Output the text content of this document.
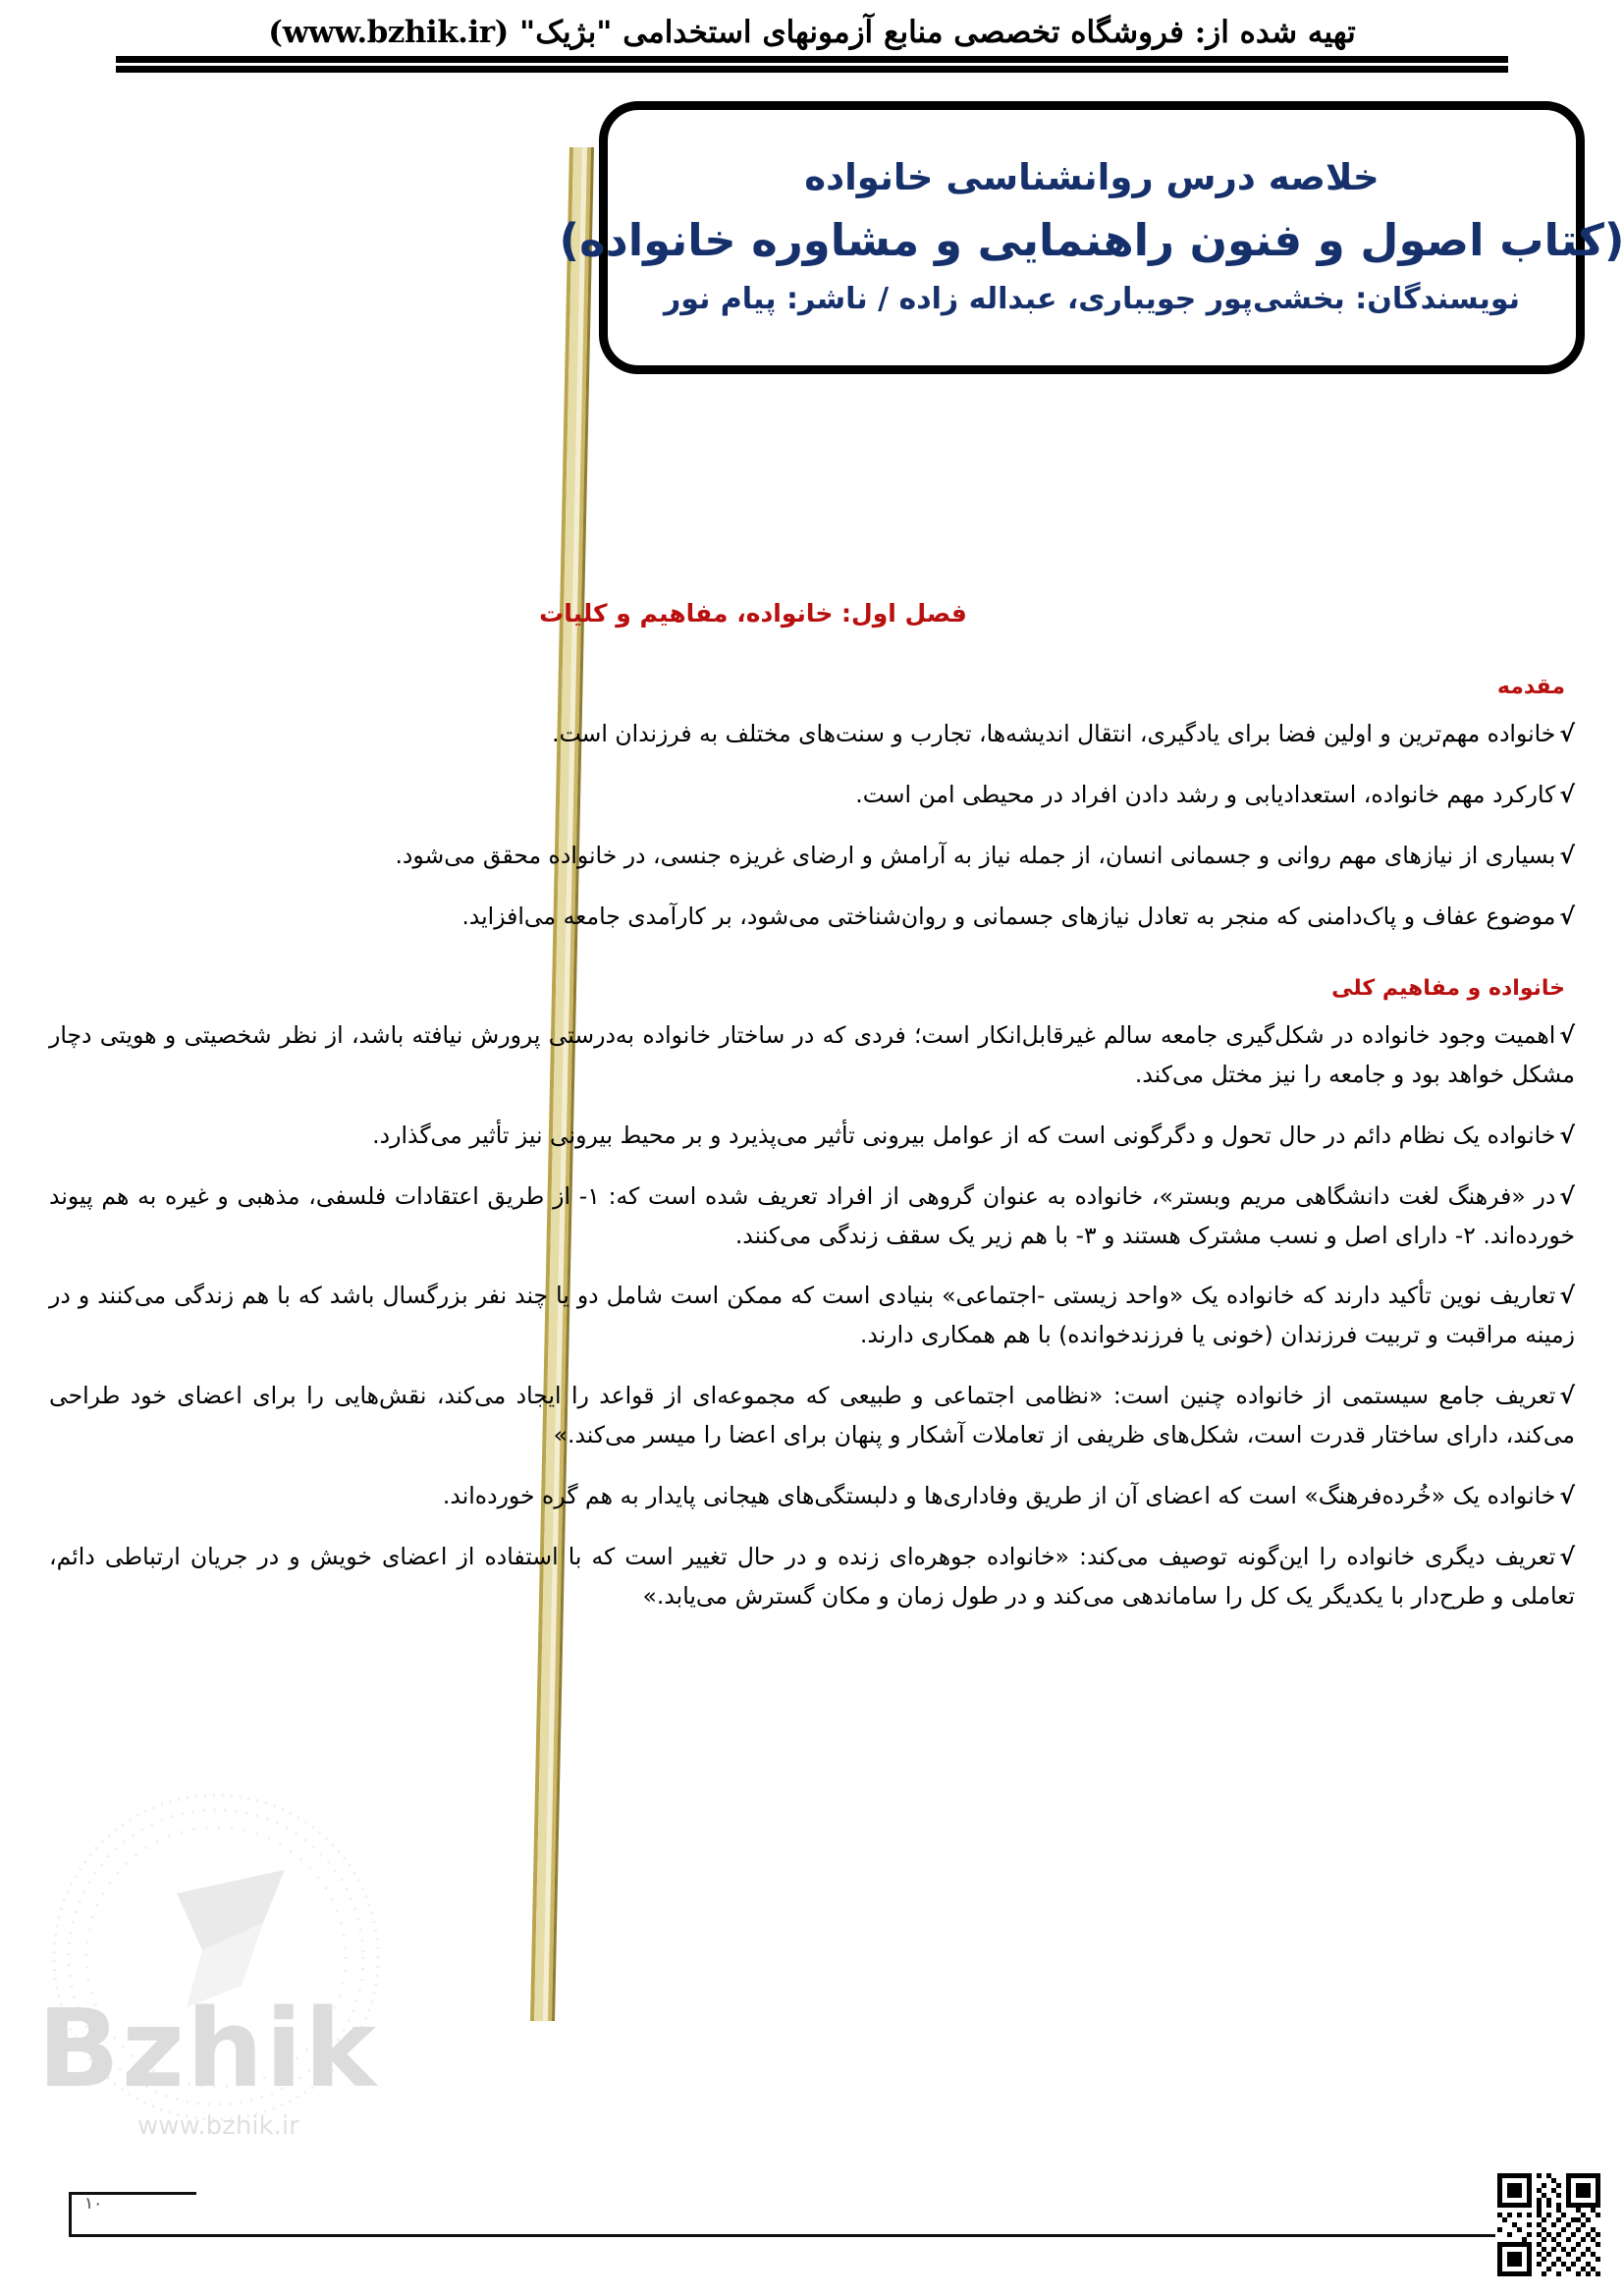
تهیه شده از: فروشگاه تخصصی منابع آزمونهای استخدامی "بژیک" (www.bzhik.ir)
خلاصه درس روانشناسی خانواده
(کتاب اصول و فنون راهنمایی و مشاوره خانواده)
نویسندگان: بخشی‌پور جویباری، عبداله زاده / ناشر: پیام نور
فصل اول: خانواده، مفاهیم و کلیات
مقدمه

√خانواده مهم‌ترین و اولین فضا برای یادگیری، انتقال اندیشه‌ها، تجارب و سنت‌های مختلف به فرزندان است.

√کارکرد مهم خانواده، استعدادیابی و رشد دادن افراد در محیطی امن است.

√بسیاری از نیازهای مهم روانی و جسمانی انسان، از جمله نیاز به آرامش و ارضای غریزه جنسی، در خانواده محقق می‌شود.

√موضوع عفاف و پاک‌دامنی که منجر به تعادل نیازهای جسمانی و روان‌شناختی می‌شود، بر کارآمدی جامعه می‌افزاید.

خانواده و مفاهیم کلی

√اهمیت وجود خانواده در شکل‌گیری جامعه سالم غیرقابل‌انکار است؛ فردی که در ساختار خانواده به‌درستی پرورش نیافته باشد، از نظر شخصیتی و هویتی دچار مشکل خواهد بود و جامعه را نیز مختل می‌کند.

√خانواده یک نظام دائم در حال تحول و دگرگونی است که از عوامل بیرونی تأثیر می‌پذیرد و بر محیط بیرونی نیز تأثیر می‌گذارد.

√در «فرهنگ لغت دانشگاهی مریم وبستر»، خانواده به عنوان گروهی از افراد تعریف شده است که: ۱- از طریق اعتقادات فلسفی، مذهبی و غیره به هم پیوند خورده‌اند. ۲- دارای اصل و نسب مشترک هستند و ۳- با هم زیر یک سقف زندگی می‌کنند.

√تعاریف نوین تأکید دارند که خانواده یک «واحد زیستی -اجتماعی» بنیادی است که ممکن است شامل دو یا چند نفر بزرگسال باشد که با هم زندگی می‌کنند و در زمینه مراقبت و تربیت فرزندان (خونی یا فرزندخوانده) با هم همکاری دارند.

√تعریف جامع سیستمی از خانواده چنین است: «نظامی اجتماعی و طبیعی که مجموعه‌ای از قواعد را ایجاد می‌کند، نقش‌هایی را برای اعضای خود طراحی می‌کند، دارای ساختار قدرت است، شکل‌های ظریفی از تعاملات آشکار و پنهان برای اعضا را میسر می‌کند.»

√خانواده یک «خُرده‌فرهنگ» است که اعضای آن از طریق وفاداری‌ها و دلبستگی‌های هیجانی پایدار به هم گره خورده‌اند.

√تعریف دیگری خانواده را این‌گونه توصیف می‌کند: «خانواده جوهره‌ای زنده و در حال تغییر است که با استفاده از اعضای خویش و در جریان ارتباطی دائم، تعاملی و طرح‌دار با یکدیگر یک کل را ساماندهی می‌کند و در طول زمان و مکان گسترش می‌یابد.»

Bzhik
www.bzhik.ir
۱۰
